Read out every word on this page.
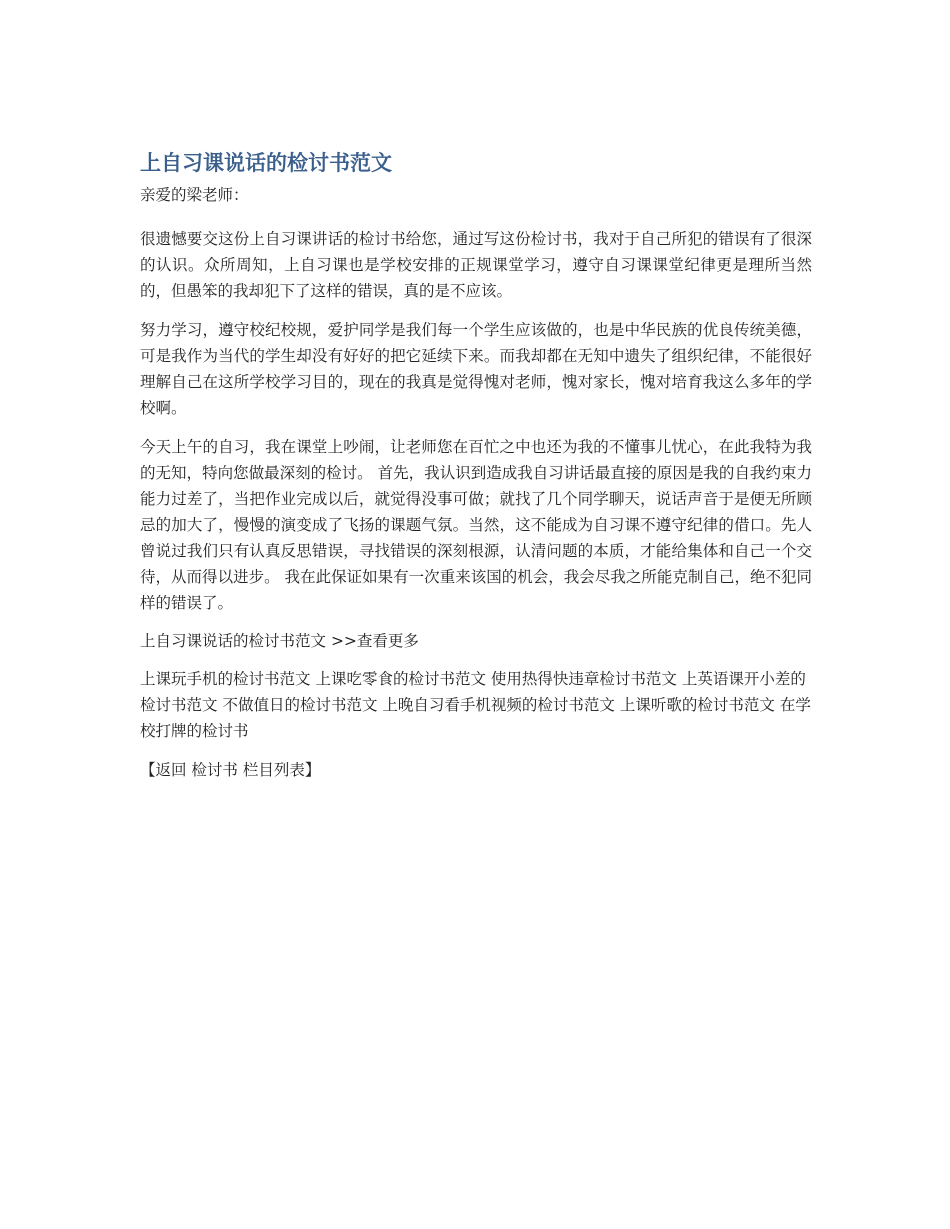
上自习课说话的检讨书范文

亲爱的梁老师：

很遗憾要交这份上自习课讲话的检讨书给您，通过写这份检讨书，我对于自己所犯的错误有了很深的认识。众所周知，上自习课也是学校安排的正规课堂学习，遵守自习课课堂纪律更是理所当然的，但愚笨的我却犯下了这样的错误，真的是不应该。

努力学习，遵守校纪校规，爱护同学是我们每一个学生应该做的，也是中华民族的优良传统美德，可是我作为当代的学生却没有好好的把它延续下来。而我却都在无知中遗失了组织纪律，不能很好理解自己在这所学校学习目的，现在的我真是觉得愧对老师，愧对家长，愧对培育我这么多年的学校啊。

今天上午的自习，我在课堂上吵闹，让老师您在百忙之中也还为我的不懂事儿忧心，在此我特为我的无知，特向您做最深刻的检讨。 首先，我认识到造成我自习讲话最直接的原因是我的自我约束力能力过差了，当把作业完成以后，就觉得没事可做；就找了几个同学聊天，说话声音于是便无所顾忌的加大了，慢慢的演变成了飞扬的课题气氛。当然，这不能成为自习课不遵守纪律的借口。先人曾说过我们只有认真反思错误，寻找错误的深刻根源，认清问题的本质，才能给集体和自己一个交待，从而得以进步。 我在此保证如果有一次重来该国的机会，我会尽我之所能克制自己，绝不犯同样的错误了。

上自习课说话的检讨书范文 >>查看更多

上课玩手机的检讨书范文 上课吃零食的检讨书范文 使用热得快违章检讨书范文 上英语课开小差的检讨书范文 不做值日的检讨书范文 上晚自习看手机视频的检讨书范文 上课听歌的检讨书范文 在学校打牌的检讨书

【返回 检讨书 栏目列表】
